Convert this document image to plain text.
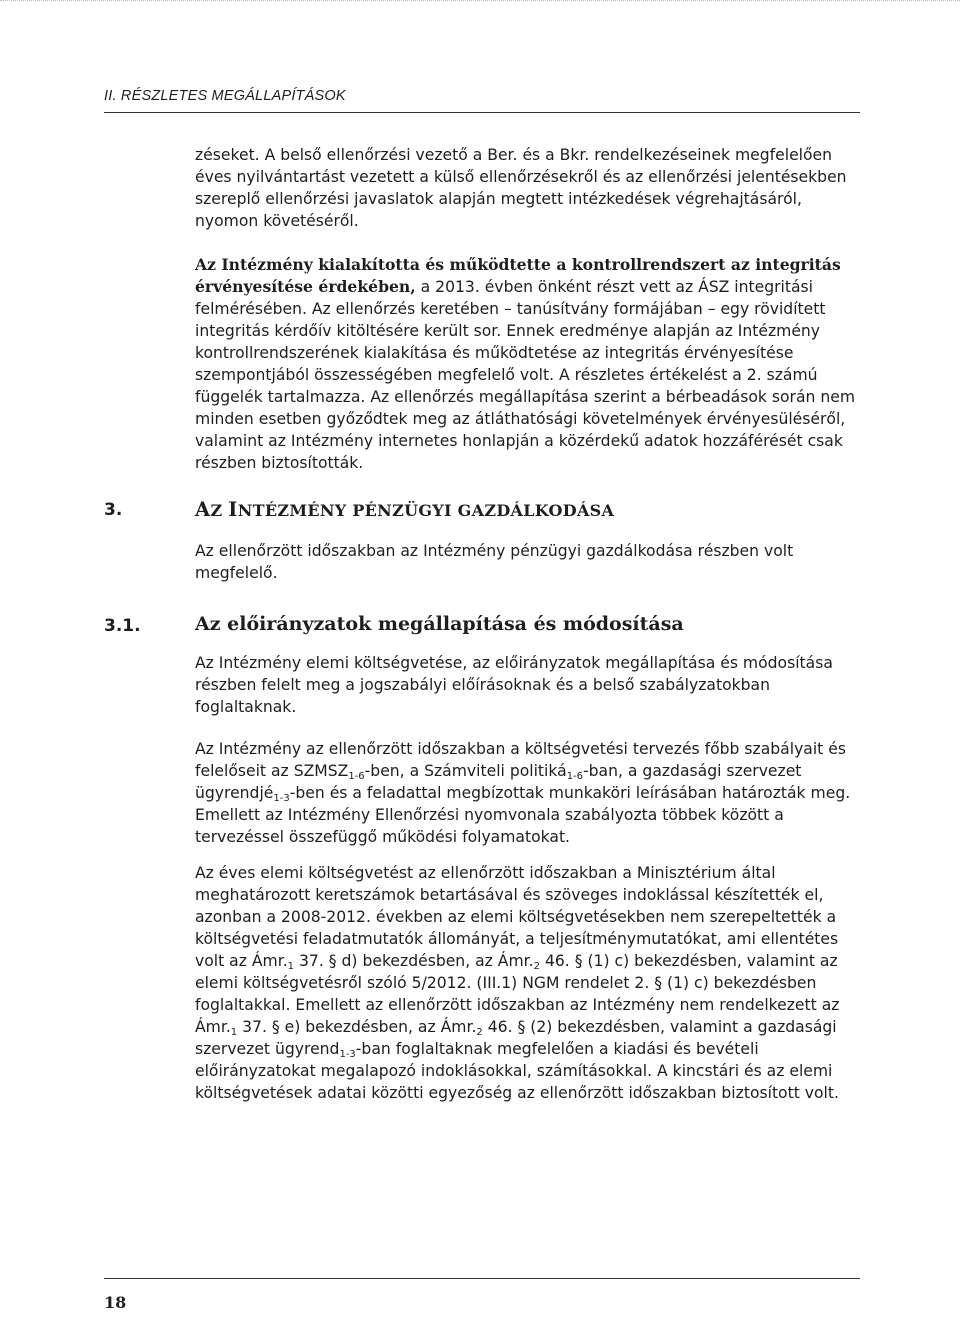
II. RÉSZLETES MEGÁLLAPÍTÁSOK

zéseket. A belső ellenőrzési vezető a Ber. és a Bkr. rendelkezéseinek megfelelően éves nyilvántartást vezetett a külső ellenőrzésekről és az ellenőrzési jelentésekben szereplő ellenőrzési javaslatok alapján megtett intézkedések végrehajtásáról, nyomon követéséről.

Az Intézmény kialakította és működtette a kontrollrendszert az integritás érvényesítése érdekében, a 2013. évben önként részt vett az ÁSZ integritási felmérésében. Az ellenőrzés keretében – tanúsítvány formájában – egy rövidített integritás kérdőív kitöltésére került sor. Ennek eredménye alapján az Intézmény kontrollrendszerének kialakítása és működtetése az integritás érvényesítése szempontjából összességében megfelelő volt. A részletes értékelést a 2. számú függelék tartalmazza. Az ellenőrzés megállapítása szerint a bérbeadások során nem minden esetben győződtek meg az átláthatósági követelmények érvényesüléséről, valamint az Intézmény internetes honlapján a közérdekű adatok hozzáférését csak részben biztosították.

3.	AZ INTÉZMÉNY PÉNZÜGYI GAZDÁLKODÁSA

Az ellenőrzött időszakban az Intézmény pénzügyi gazdálkodása részben volt megfelelő.

3.1.	Az előirányzatok megállapítása és módosítása

Az Intézmény elemi költségvetése, az előirányzatok megállapítása és módosítása részben felelt meg a jogszabályi előírásoknak és a belső szabályzatokban foglaltaknak.

Az Intézmény az ellenőrzött időszakban a költségvetési tervezés főbb szabályait és felelőseit az $SZMSZ_{1-6}$-ben, a Számviteli politiká$_{1-6}$-ban, a gazdasági szervezet ügyrendjé$_{1-3}$-ben és a feladattal megbízottak munkaköri leírásában határozták meg. Emellett az Intézmény Ellenőrzési nyomvonala szabályozta többek között a tervezéssel összefüggő működési folyamatokat.

Az éves elemi költségvetést az ellenőrzött időszakban a Minisztérium által meghatározott keretszámok betartásával és szöveges indoklással készítették el, azonban a 2008-2012. években az elemi költségvetésekben nem szerepeltették a költségvetési feladatmutatók állományát, a teljesítménymutatókat, ami ellentétes volt az $Ámr._1$ 37. § d) bekezdésben, az $Ámr._2$ 46. § (1) c) bekezdésben, valamint az elemi költségvetésről szóló 5/2012. (III.1) NGM rendelet 2. § (1) c) bekezdésben foglaltakkal. Emellett az ellenőrzött időszakban az Intézmény nem rendelkezett az $Ámr._1$ 37. § e) bekezdésben, az $Ámr._2$ 46. § (2) bekezdésben, valamint a gazdasági szervezet ügyrend$_{1-3}$-ban foglaltaknak megfelelően a kiadási és bevételi előirányzatokat megalapozó indoklásokkal, számításokkal. A kincstári és az elemi költségvetések adatai közötti egyezőség az ellenőrzött időszakban biztosított volt.

18
